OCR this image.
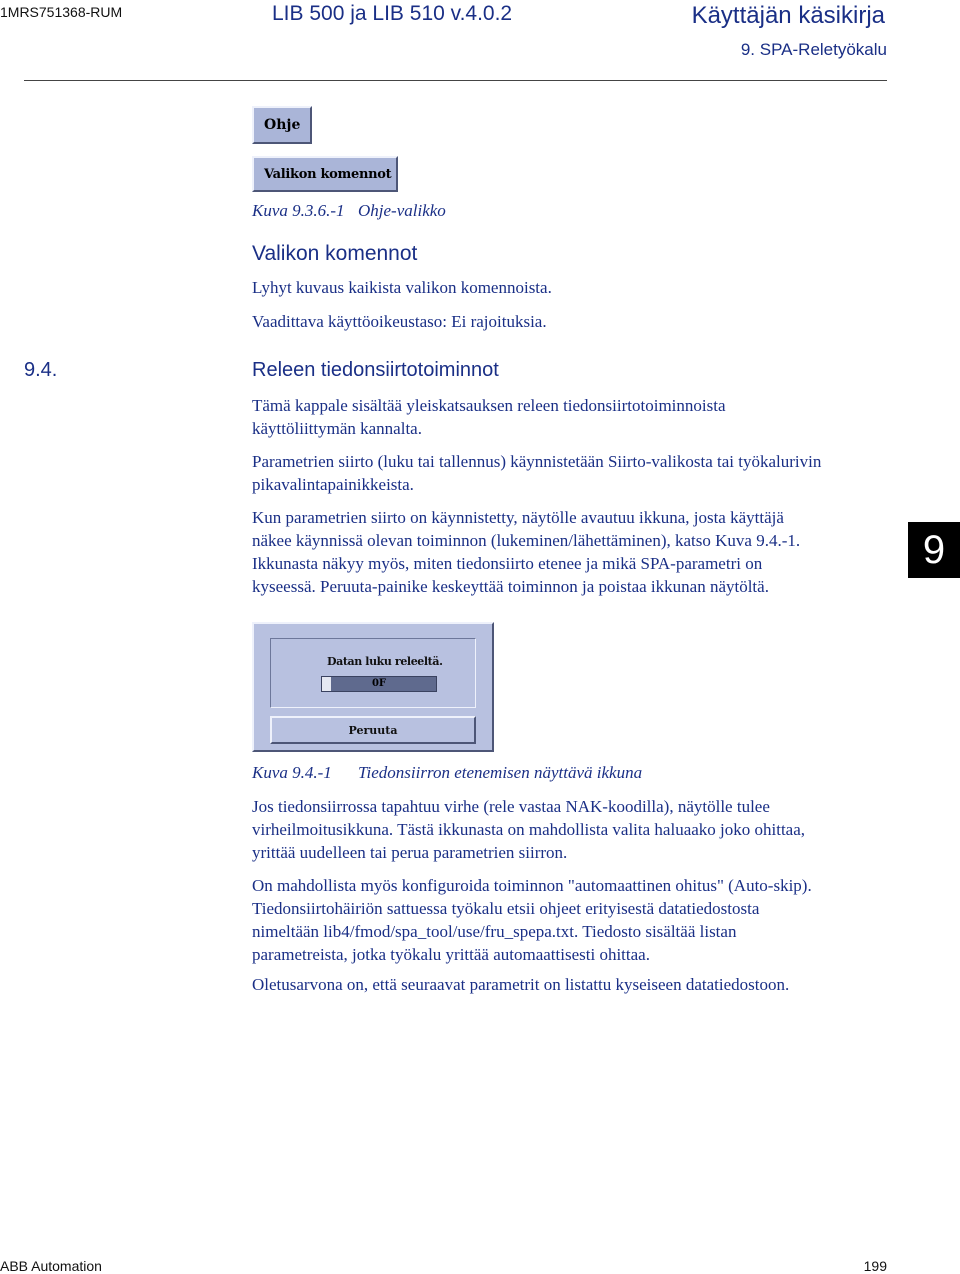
1MRS751368-RUM	LIB 500 ja LIB 510 v.4.0.2	Käyttäjän käsikirja
9. SPA-Reletyökalu
Ohje
Valikon komennot
Kuva 9.3.6.-1 Ohje-valikko
Valikon komennot
Lyhyt kuvaus kaikista valikon komennoista.
Vaadittava käyttöoikeustaso: Ei rajoituksia.
9.4.	Releen tiedonsiirtotoiminnot
Tämä kappale sisältää yleiskatsauksen releen tiedonsiirtotoiminnoista
käyttöliittymän kannalta.
Parametrien siirto (luku tai tallennus) käynnistetään Siirto-valikosta tai työkalurivin
pikavalintapainikkeista.
Kun parametrien siirto on käynnistetty, näytölle avautuu ikkuna, josta käyttäjä
näkee käynnissä olevan toiminnon (lukeminen/lähettäminen), katso Kuva 9.4.-1.
Ikkunasta näkyy myös, miten tiedonsiirto etenee ja mikä SPA-parametri on
kyseessä. Peruuta-painike keskeyttää toiminnon ja poistaa ikkunan näytöltä.
9
Datan luku releeltä.
0F
Peruuta
Kuva 9.4.-1 Tiedonsiirron etenemisen näyttävä ikkuna
Jos tiedonsiirrossa tapahtuu virhe (rele vastaa NAK-koodilla), näytölle tulee
virheilmoitusikkuna. Tästä ikkunasta on mahdollista valita haluaako joko ohittaa,
yrittää uudelleen tai perua parametrien siirron.
On mahdollista myös konfiguroida toiminnon "automaattinen ohitus" (Auto-skip).
Tiedonsiirtohäiriön sattuessa työkalu etsii ohjeet erityisestä datatiedostosta
nimeltään lib4/fmod/spa_tool/use/fru_spepa.txt. Tiedosto sisältää listan
parametreista, jotka työkalu yrittää automaattisesti ohittaa.
Oletusarvona on, että seuraavat parametrit on listattu kyseiseen datatiedostoon.
ABB Automation	199
